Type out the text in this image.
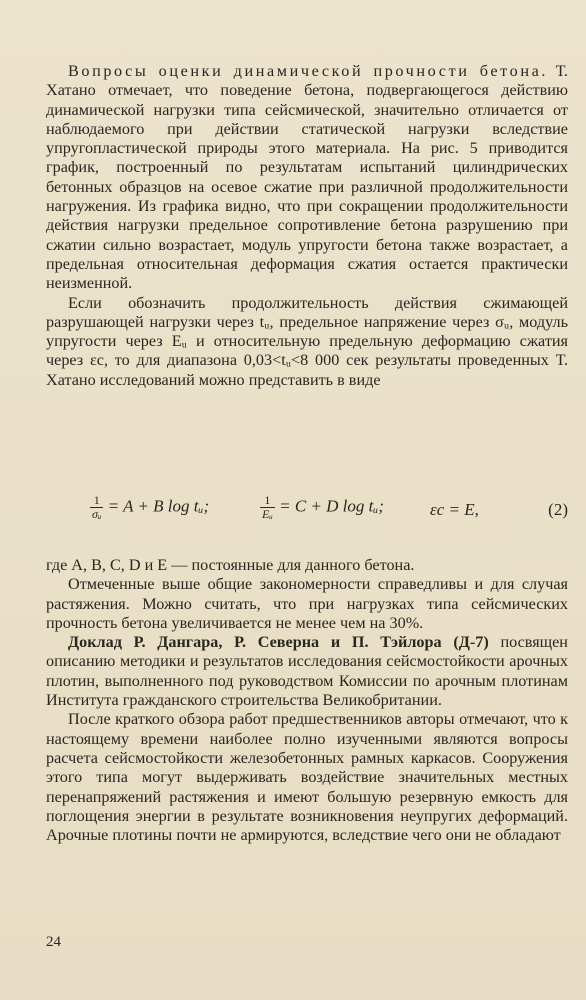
Вопросы оценки динамической прочности бетона. Т. Хатано отмечает, что поведение бетона, подвергающегося действию динамической нагрузки типа сейсмической, значительно отличается от наблюдаемого при действии статической нагрузки вследствие упругопластической природы этого материала. На рис. 5 приводится график, построенный по результатам испытаний цилиндрических бетонных образцов на осевое сжатие при различной продолжительности нагружения. Из графика видно, что при сокращении продолжительности действия нагрузки предельное сопротивление бетона разрушению при сжатии сильно возрастает, модуль упругости бетона также возрастает, а предельная относительная деформация сжатия остается практически неизменной.

Если обозначить продолжительность действия сжимающей разрушающей нагрузки через tᵤ, предельное напряжение через σᵤ, модуль упругости через Eᵤ и относительную предельную деформацию сжатия через εc, то для диапазона 0,03<tᵤ<8 000 сек результаты проведенных Т. Хатано исследований можно представить в виде

$\frac{1}{\text{σᵤ}} = A + B$ log tᵤ;	$\frac{1}{\text{Eᵤ}} = C + D$ log tᵤ;	εc = E,	(2)

где A, B, C, D и E — постоянные для данного бетона.

Отмеченные выше общие закономерности справедливы и для случая растяжения. Можно считать, что при нагрузках типа сейсмических прочность бетона увеличивается не менее чем на 30%.

Доклад Р. Дангара, Р. Северна и П. Тэйлора (Д-7) посвящен описанию методики и результатов исследования сейсмостойкости арочных плотин, выполненного под руководством Комиссии по арочным плотинам Института гражданского строительства Великобритании.

После краткого обзора работ предшественников авторы отмечают, что к настоящему времени наиболее полно изученными являются вопросы расчета сейсмостойкости железобетонных рамных каркасов. Сооружения этого типа могут выдерживать воздействие значительных местных перенапряжений растяжения и имеют большую резервную емкость для поглощения энергии в результате возникновения неупругих деформаций. Арочные плотины почти не армируются, вследствие чего они не обладают

24
